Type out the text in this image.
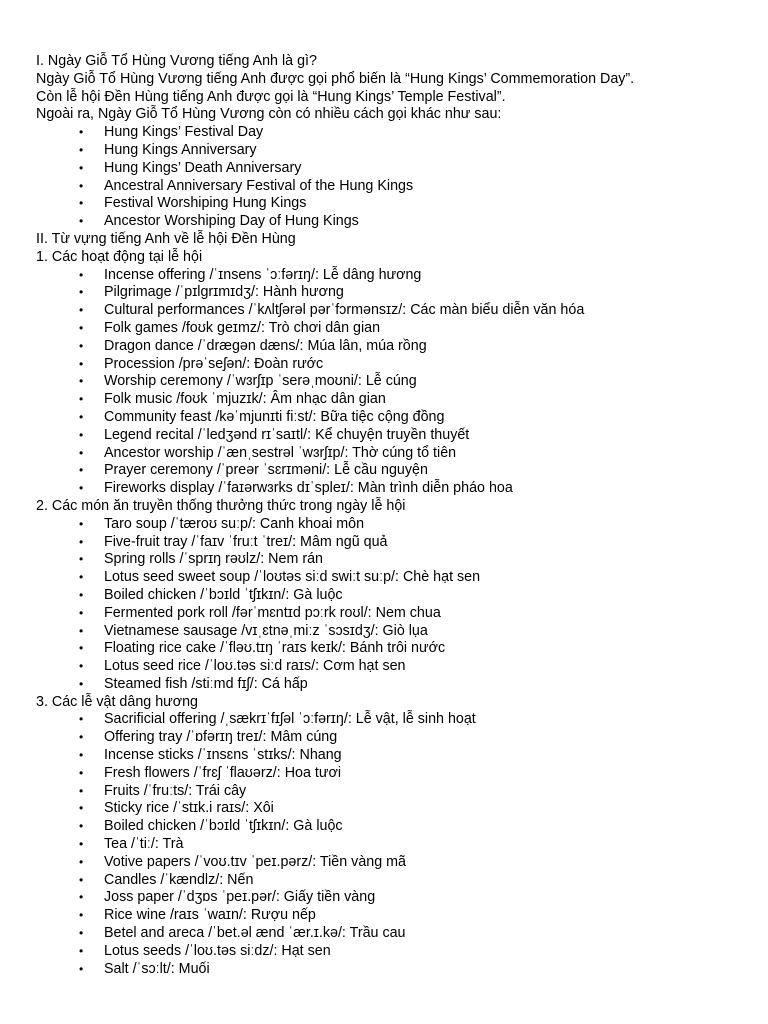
I. Ngày Giỗ Tổ Hùng Vương tiếng Anh là gì?

Ngày Giỗ Tổ Hùng Vương tiếng Anh được gọi phổ biến là “Hung Kings’ Commemoration Day”.

Còn lễ hội Đền Hùng tiếng Anh được gọi là “Hung Kings’ Temple Festival”.

Ngoài ra, Ngày Giỗ Tổ Hùng Vương còn có nhiều cách gọi khác như sau:

• Hung Kings’ Festival Day
• Hung Kings Anniversary
• Hung Kings’ Death Anniversary
• Ancestral Anniversary Festival of the Hung Kings
• Festival Worshiping Hung Kings
• Ancestor Worshiping Day of Hung Kings

II. Từ vựng tiếng Anh về lễ hội Đền Hùng

1. Các hoạt động tại lễ hội

• Incense offering /ˈɪnsens ˈɔːfərɪŋ/: Lễ dâng hương
• Pilgrimage /ˈpɪlgrɪmɪdʒ/: Hành hương
• Cultural performances /ˈkʌltʃərəl pərˈfɔrmənsɪz/: Các màn biểu diễn văn hóa
• Folk games /foʊk geɪmz/: Trò chơi dân gian
• Dragon dance /ˈdrægən dæns/: Múa lân, múa rồng
• Procession /prəˈseʃən/: Đoàn rước
• Worship ceremony /ˈwɜrʃɪp ˈserəˌmoʊni/: Lễ cúng
• Folk music /foʊk ˈmjuzɪk/: Âm nhạc dân gian
• Community feast /kəˈmjunɪti fiːst/: Bữa tiệc cộng đồng
• Legend recital /ˈledʒənd rɪˈsaɪtl/: Kể chuyện truyền thuyết
• Ancestor worship /ˈænˌsestrəl ˈwɜrʃɪp/: Thờ cúng tổ tiên
• Prayer ceremony /ˈpreər ˈsɛrɪməni/: Lễ cầu nguyện
• Fireworks display /ˈfaɪərwɜrks dɪˈspleɪ/: Màn trình diễn pháo hoa

2. Các món ăn truyền thống thưởng thức trong ngày lễ hội

• Taro soup /ˈtæroʊ suːp/: Canh khoai môn
• Five-fruit tray /ˈfaɪv ˈfruːt ˈtreɪ/: Mâm ngũ quả
• Spring rolls /ˈsprɪŋ rəʊlz/: Nem rán
• Lotus seed sweet soup /ˈloʊtəs siːd swiːt suːp/: Chè hạt sen
• Boiled chicken /ˈbɔɪld ˈtʃɪkɪn/: Gà luộc
• Fermented pork roll /fərˈmɛntɪd pɔːrk roʊl/: Nem chua
• Vietnamese sausage /vɪˌɛtnəˌmiːz ˈsɔsɪdʒ/: Giò lụa
• Floating rice cake /ˈfləʊ.tɪŋ ˈraɪs keɪk/: Bánh trôi nước
• Lotus seed rice /ˈloʊ.təs siːd raɪs/: Cơm hạt sen
• Steamed fish /stiːmd fɪʃ/: Cá hấp

3. Các lễ vật dâng hương

• Sacrificial offering /ˌsækrɪˈfɪʃəl ˈɔːfərɪŋ/: Lễ vật, lễ sinh hoạt
• Offering tray /ˈɒfərɪŋ treɪ/: Mâm cúng
• Incense sticks /ˈɪnsɛns ˈstɪks/: Nhang
• Fresh flowers /ˈfrɛʃ ˈflaʊərz/: Hoa tươi
• Fruits /ˈfruːts/: Trái cây
• Sticky rice /ˈstɪk.i raɪs/: Xôi
• Boiled chicken /ˈbɔɪld ˈtʃɪkɪn/: Gà luộc
• Tea /ˈtiː/: Trà
• Votive papers /ˈvoʊ.tɪv ˈpeɪ.pərz/: Tiền vàng mã
• Candles /ˈkændlz/: Nến
• Joss paper /ˈdʒɒs ˈpeɪ.pər/: Giấy tiền vàng
• Rice wine /raɪs ˈwaɪn/: Rượu nếp
• Betel and areca /ˈbet.əl ænd ˈær.ɪ.kə/: Trầu cau
• Lotus seeds /ˈloʊ.təs siːdz/: Hạt sen
• Salt /ˈsɔːlt/: Muối
